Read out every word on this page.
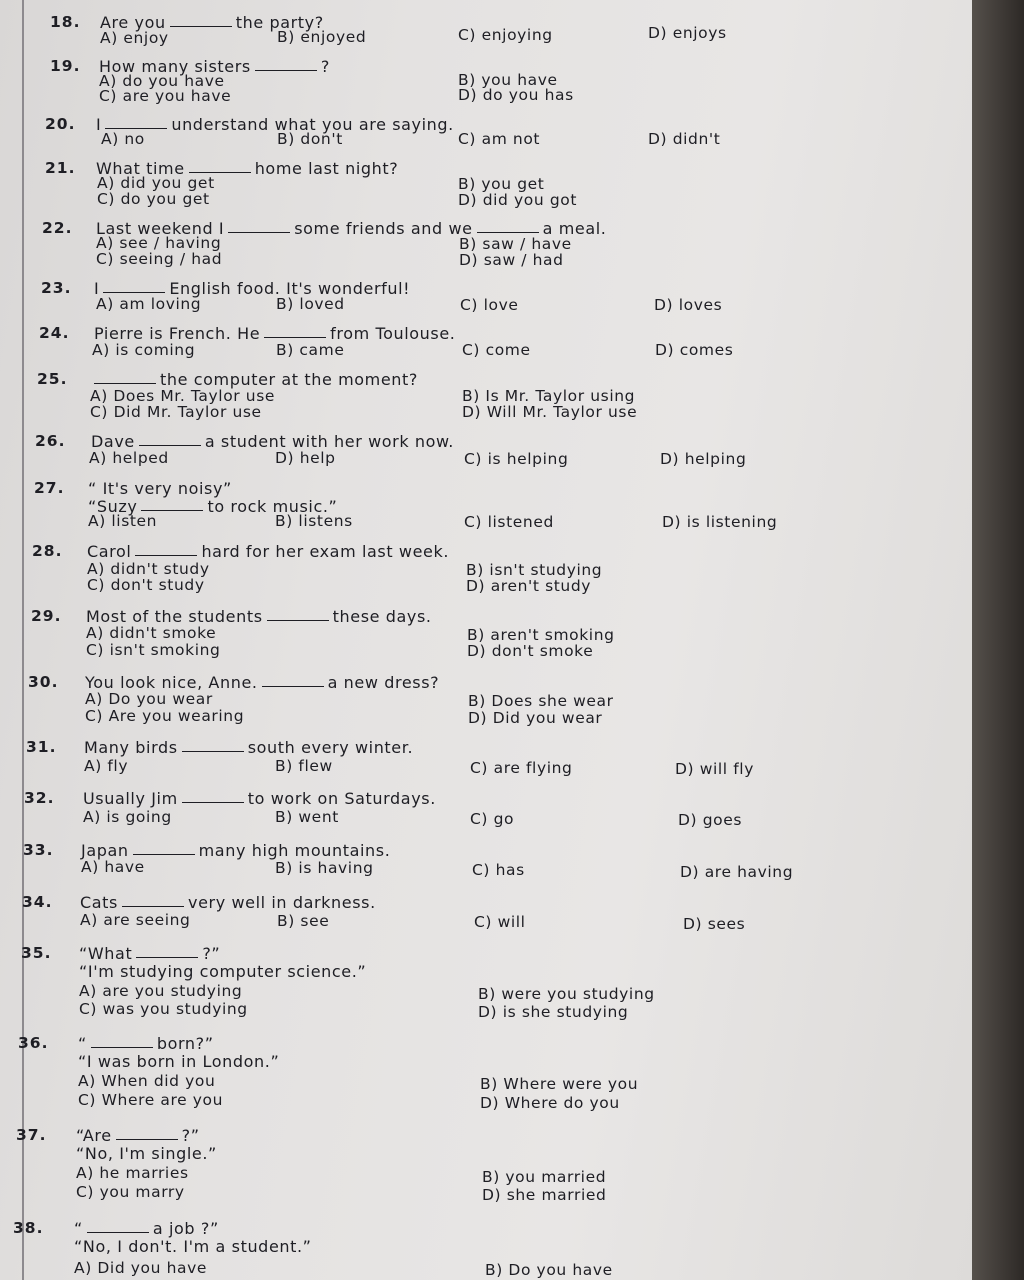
18. Are you	the party?
A) enjoy	B) enjoyed	C) enjoying	D) enjoys
19. How many sisters	?
A) do you have	B) you have
C) are you have	D) do you has
20. I	understand what you are saying.
A) no	B) don't	C) am not	D) didn't
21. What time	home last night?
A) did you get	B) you get
C) do you get	D) did you got
22. Last weekend I	some friends and we	a meal.
A) see / having	B) saw / have
C) seeing / had	D) saw / had
23. I	English food. It's wonderful!
A) am loving	B) loved	C) love	D) loves
24. Pierre is French. He	from Toulouse.
A) is coming	B) came	C) come	D) comes
25.	the computer at the moment?
A) Does Mr. Taylor use	B) Is Mr. Taylor using
C) Did Mr. Taylor use	D) Will Mr. Taylor use
26. Dave	a student with her work now.
A) helped	D) help	C) is helping	D) helping
27. “ It's very noisy”
“Suzy	to rock music.”
A) listen	B) listens	C) listened	D) is listening
28. Carol	hard for her exam last week.
A) didn't study	B) isn't studying
C) don't study	D) aren't study
29. Most of the students	these days.
A) didn't smoke	B) aren't smoking
C) isn't smoking	D) don't smoke
30. You look nice, Anne.	a new dress?
A) Do you wear	B) Does she wear
C) Are you wearing	D) Did you wear
31. Many birds	south every winter.
A) fly	B) flew	C) are flying	D) will fly
32. Usually Jim	to work on Saturdays.
A) is going	B) went	C) go	D) goes
33. Japan	many high mountains.
A) have	B) is having	C) has	D) are having
34. Cats	very well in darkness.
A) are seeing	B) see	C) will	D) sees
35. “What	?”
“I'm studying computer science.”
A) are you studying	B) were you studying
C) was you studying	D) is she studying
36. “	born?”
“I was born in London.”
A) When did you	B) Where were you
C) Where are you	D) Where do you
37. “Are	?”
“No, I'm single.”
A) he marries	B) you married
C) you marry	D) she married
38. “	a job ?”
“No, I don't. I'm a student.”
A) Did you have	B) Do you have
